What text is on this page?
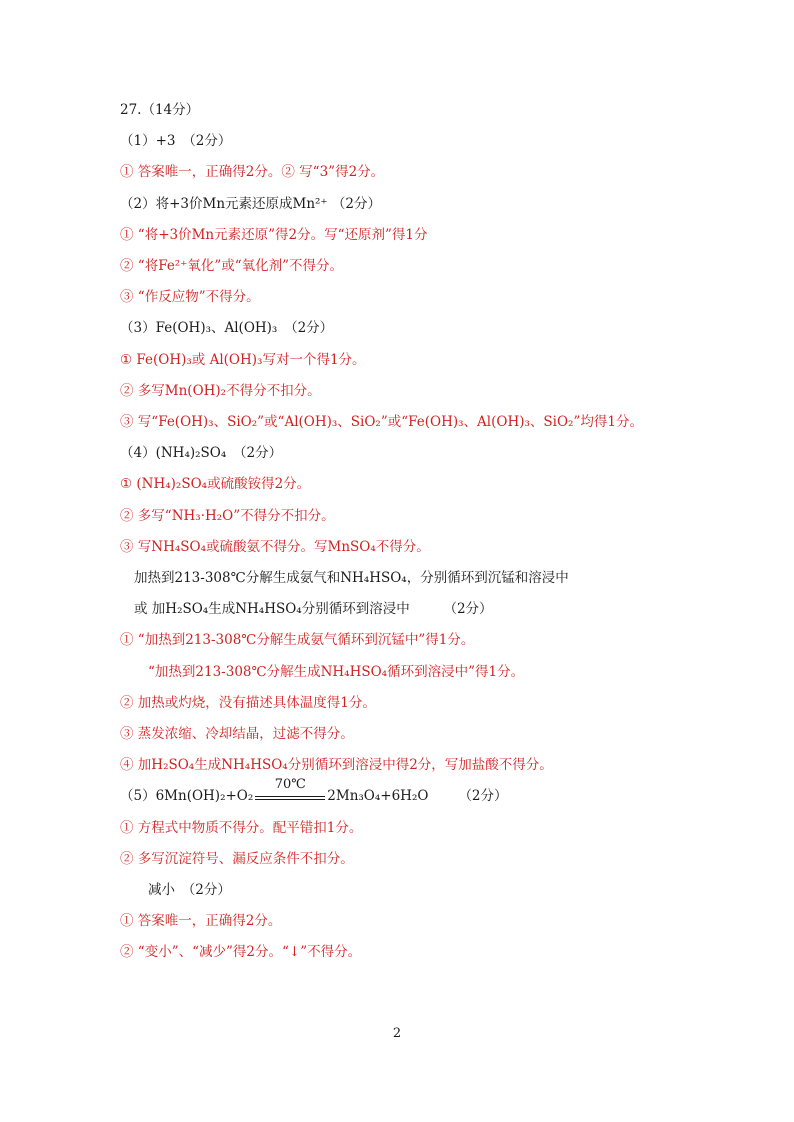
27.（14分）
（1）+3　（2分）
① 答案唯一，正确得2分。② 写“3”得2分。
（2）将+3价Mn元素还原成Mn²⁺ （2分）
① “将+3价Mn元素还原”得2分。写“还原剂”得1分
② “将Fe²⁺氧化”或“氧化剂”不得分。
③ “作反应物”不得分。
（3）Fe(OH)₃、Al(OH)₃　（2分）
① Fe(OH)₃或 Al(OH)₃写对一个得1分。
② 多写Mn(OH)₂不得分不扣分。
③ 写“Fe(OH)₃、SiO₂”或“Al(OH)₃、SiO₂”或“Fe(OH)₃、Al(OH)₃、SiO₂”均得1分。
（4）(NH₄)₂SO₄　（2分）
① (NH₄)₂SO₄或硫酸铵得2分。
② 多写“NH₃·H₂O”不得分不扣分。
③ 写NH₄SO₄或硫酸氨不得分。写MnSO₄不得分。
加热到213-308℃分解生成氨气和NH₄HSO₄，分别循环到沉锰和溶浸中
或 加H₂SO₄生成NH₄HSO₄分别循环到溶浸中　　　（2分）
① “加热到213-308℃分解生成氨气循环到沉锰中”得1分。
“加热到213-308℃分解生成NH₄HSO₄循环到溶浸中”得1分。
② 加热或灼烧，没有描述具体温度得1分。
③ 蒸发浓缩、冷却结晶，过滤不得分。
④ 加H₂SO₄生成NH₄HSO₄分别循环到溶浸中得2分，写加盐酸不得分。
（5）6Mn(OH)₂+O₂
70℃
2Mn₃O₄+6H₂O （2分）
① 方程式中物质不得分。配平错扣1分。
② 多写沉淀符号、漏反应条件不扣分。
减小　（2分）
① 答案唯一，正确得2分。
② “变小”、“减少”得2分。“↓”不得分。
2
